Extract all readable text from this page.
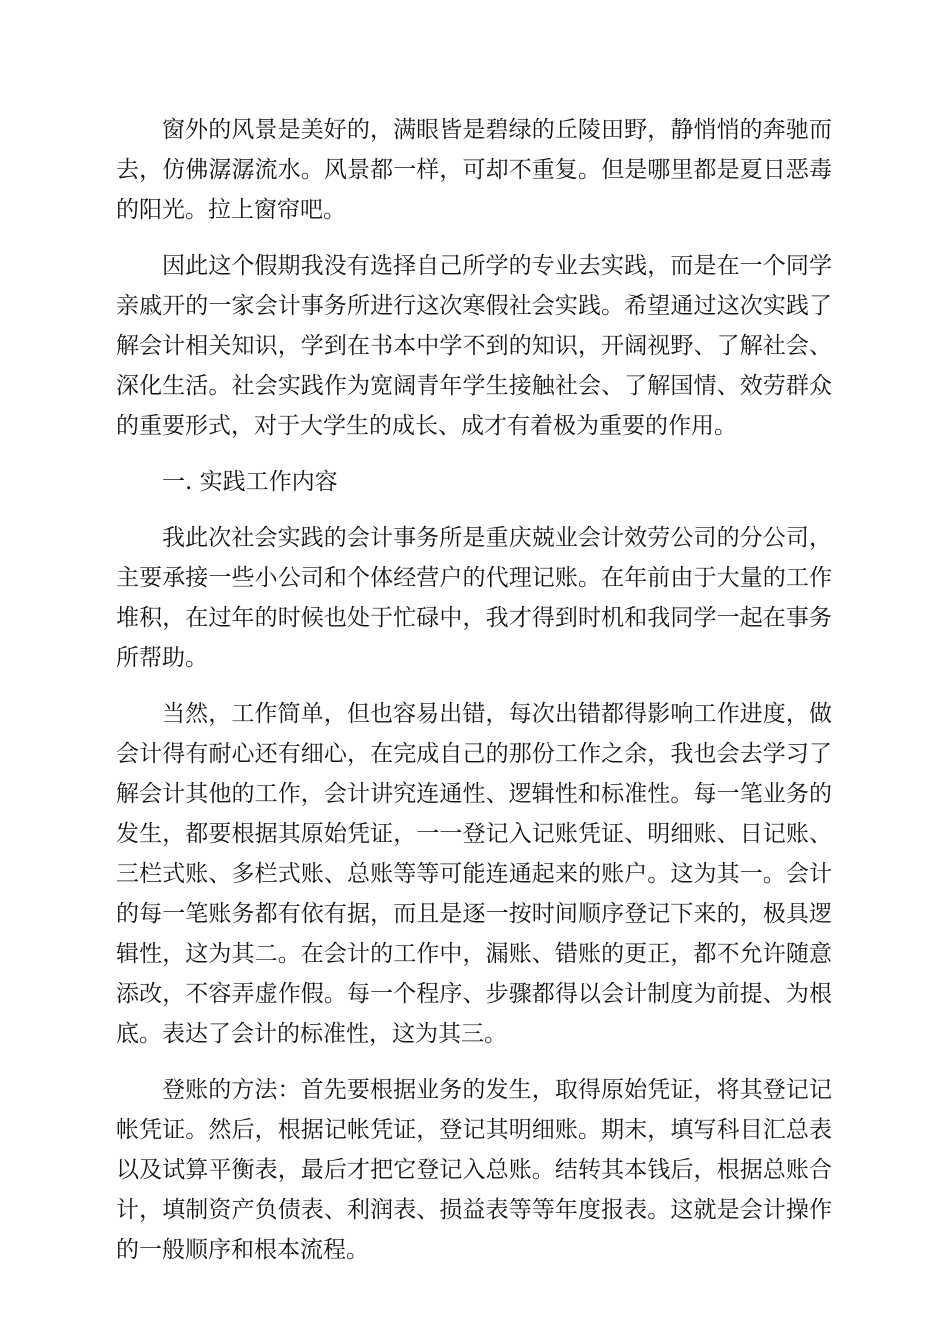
窗外的风景是美好的，满眼皆是碧绿的丘陵田野，静悄悄的奔驰而去，仿佛潺潺流水。风景都一样，可却不重复。但是哪里都是夏日恶毒的阳光。拉上窗帘吧。

因此这个假期我没有选择自己所学的专业去实践，而是在一个同学亲戚开的一家会计事务所进行这次寒假社会实践。希望通过这次实践了解会计相关知识，学到在书本中学不到的知识，开阔视野、了解社会、深化生活。社会实践作为宽阔青年学生接触社会、了解国情、效劳群众的重要形式，对于大学生的成长、成才有着极为重要的作用。

一. 实践工作内容

我此次社会实践的会计事务所是重庆兢业会计效劳公司的分公司，主要承接一些小公司和个体经营户的代理记账。在年前由于大量的工作堆积，在过年的时候也处于忙碌中，我才得到时机和我同学一起在事务所帮助。

当然，工作简单，但也容易出错，每次出错都得影响工作进度，做会计得有耐心还有细心，在完成自己的那份工作之余，我也会去学习了解会计其他的工作，会计讲究连通性、逻辑性和标准性。每一笔业务的发生，都要根据其原始凭证，一一登记入记账凭证、明细账、日记账、三栏式账、多栏式账、总账等等可能连通起来的账户。这为其一。会计的每一笔账务都有依有据，而且是逐一按时间顺序登记下来的，极具逻辑性，这为其二。在会计的工作中，漏账、错账的更正，都不允许随意添改，不容弄虚作假。每一个程序、步骤都得以会计制度为前提、为根底。表达了会计的标准性，这为其三。

登账的方法：首先要根据业务的发生，取得原始凭证，将其登记记帐凭证。然后，根据记帐凭证，登记其明细账。期末，填写科目汇总表以及试算平衡表，最后才把它登记入总账。结转其本钱后，根据总账合计，填制资产负债表、利润表、损益表等等年度报表。这就是会计操作的一般顺序和根本流程。
